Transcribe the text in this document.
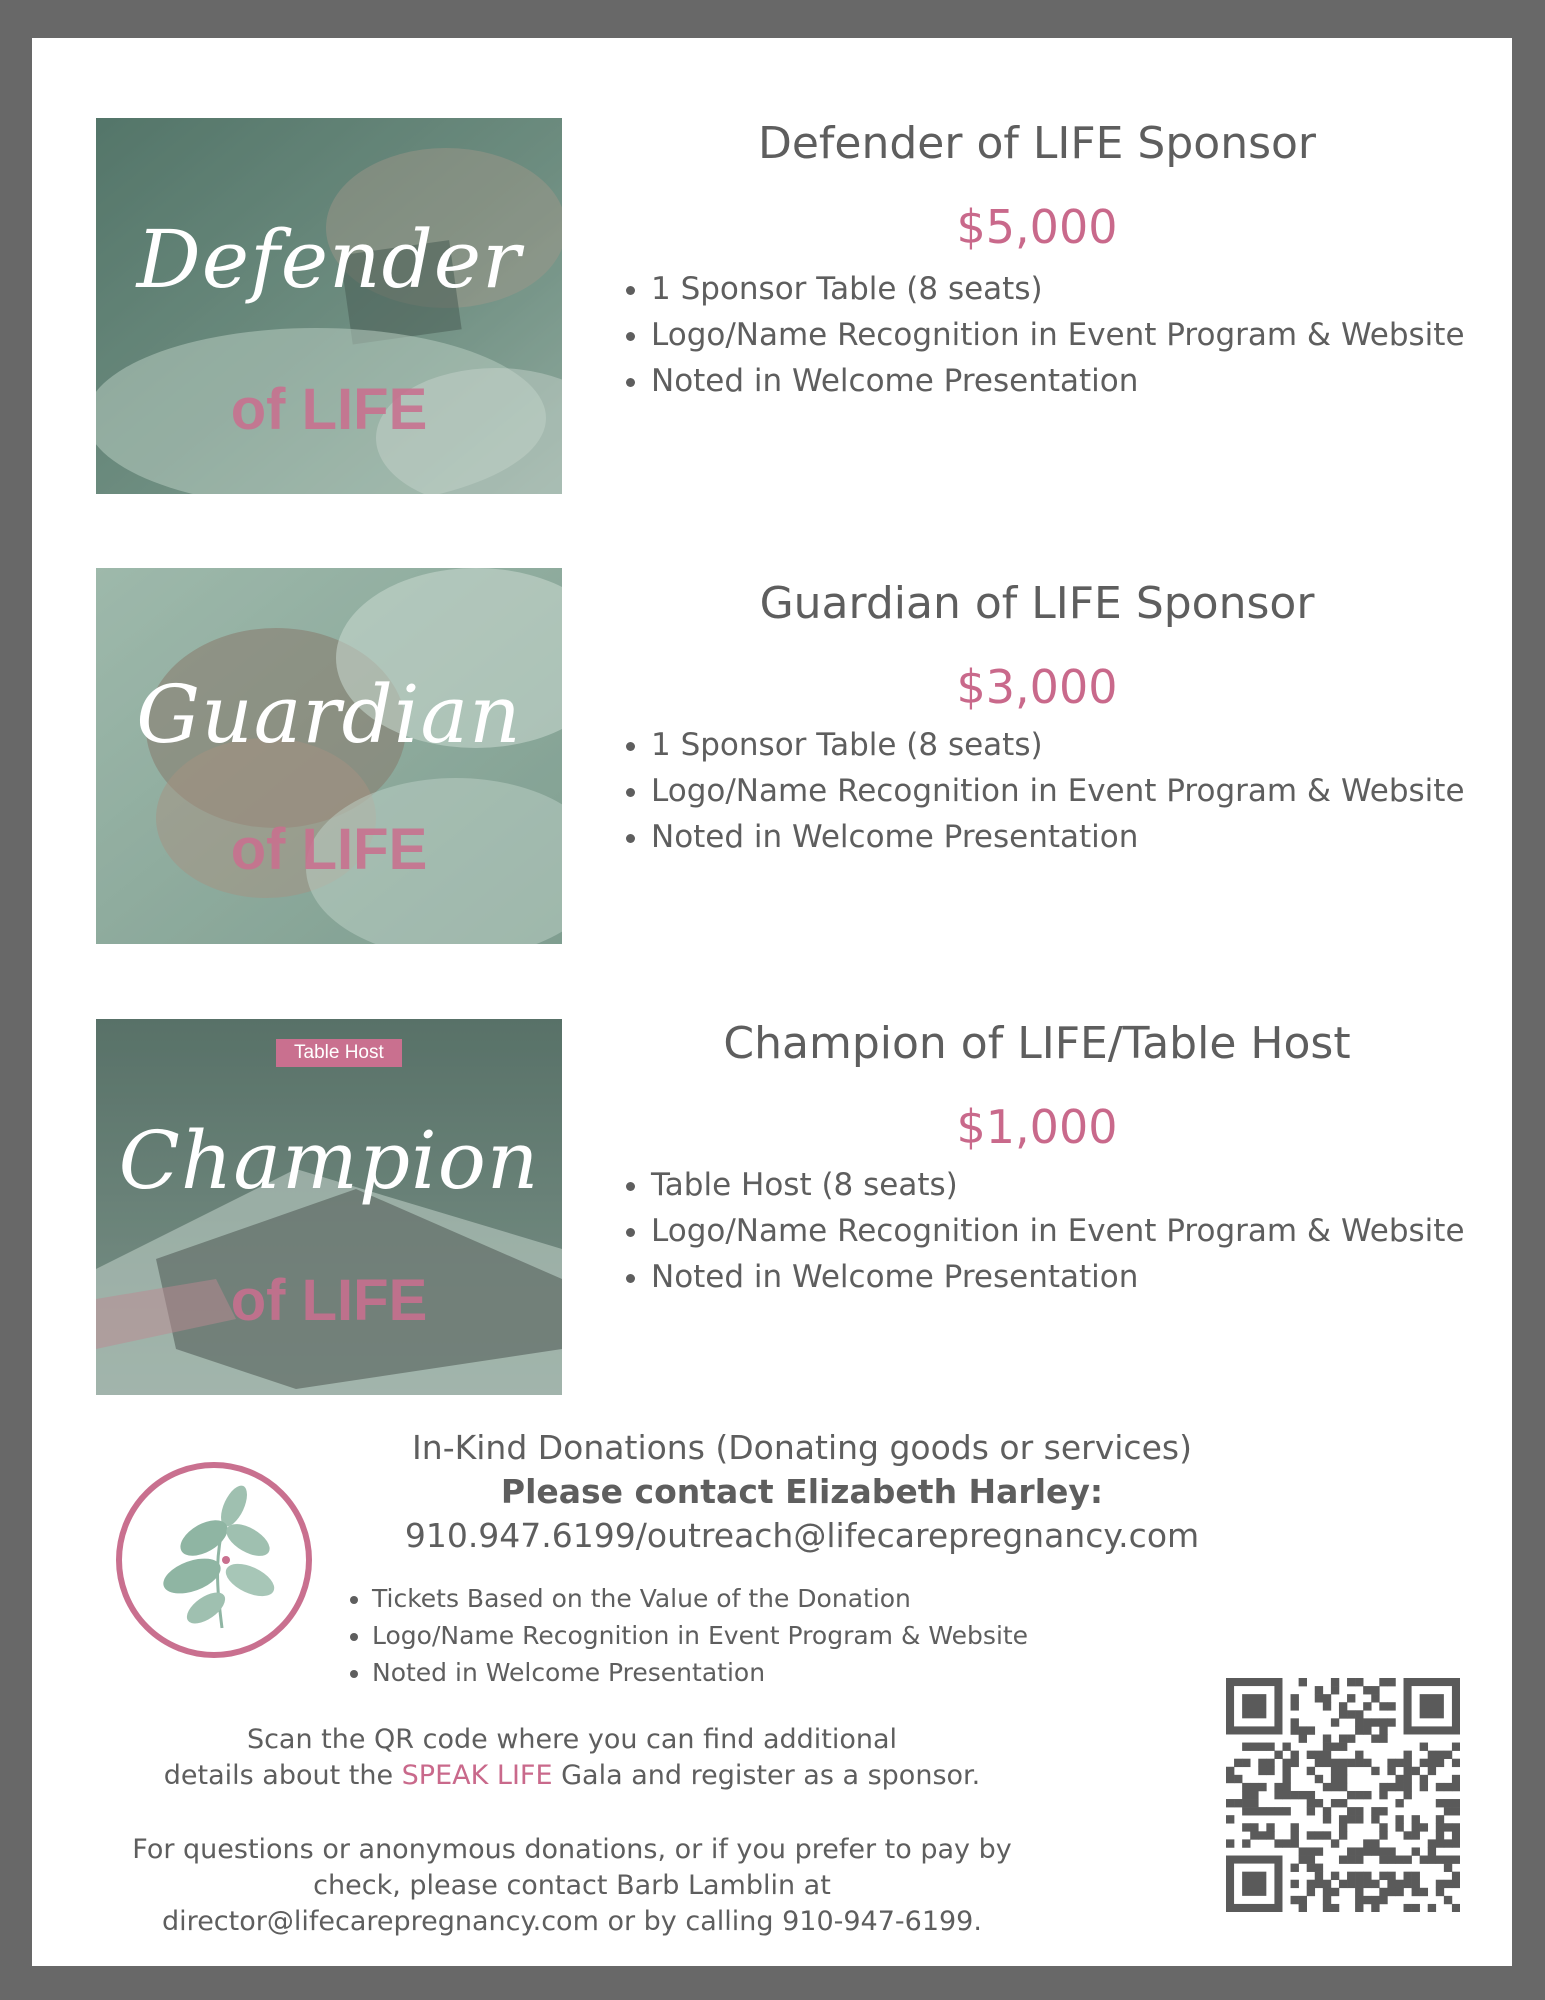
Defender
of LIFE
Defender of LIFE Sponsor
$5,000
• 1 Sponsor Table (8 seats)
• Logo/Name Recognition in Event Program & Website
• Noted in Welcome Presentation
Guardian
of LIFE
Guardian of LIFE Sponsor
$3,000
• 1 Sponsor Table (8 seats)
• Logo/Name Recognition in Event Program & Website
• Noted in Welcome Presentation
Table Host
Champion
of LIFE
Champion of LIFE/Table Host
$1,000
• Table Host (8 seats)
• Logo/Name Recognition in Event Program & Website
• Noted in Welcome Presentation
In-Kind Donations (Donating goods or services)
Please contact Elizabeth Harley:
910.947.6199/outreach@lifecarepregnancy.com
• Tickets Based on the Value of the Donation
• Logo/Name Recognition in Event Program & Website
• Noted in Welcome Presentation
Scan the QR code where you can find additional
details about the SPEAK LIFE Gala and register as a sponsor.
For questions or anonymous donations, or if you prefer to pay by
check, please contact Barb Lamblin at
director@lifecarepregnancy.com or by calling 910-947-6199.
